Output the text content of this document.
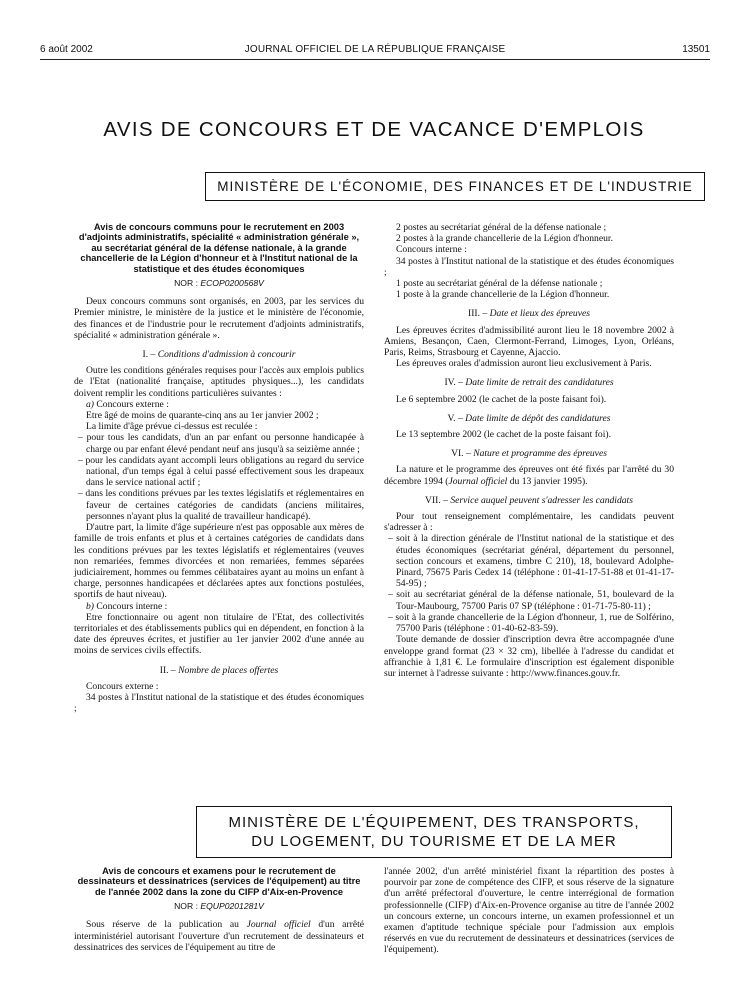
6 août 2002	JOURNAL OFFICIEL DE LA RÉPUBLIQUE FRANÇAISE	13501
AVIS DE CONCOURS ET DE VACANCE D'EMPLOIS
MINISTÈRE DE L'ÉCONOMIE, DES FINANCES ET DE L'INDUSTRIE

Avis de concours communs pour le recrutement en 2003 d'adjoints administratifs, spécialité « administration générale », au secrétariat général de la défense nationale, à la grande chancellerie de la Légion d'honneur et à l'Institut national de la statistique et des études économiques

NOR : ECOP0200568V

Deux concours communs sont organisés, en 2003, par les services du Premier ministre, le ministère de la justice et le ministère de l'économie, des finances et de l'industrie pour le recrutement d'adjoints administratifs, spécialité « administration générale ».

I. – Conditions d'admission à concourir

Outre les conditions générales requises pour l'accès aux emplois publics de l'Etat (nationalité française, aptitudes physiques...), les candidats doivent remplir les conditions particulières suivantes :

a) Concours externe :

Etre âgé de moins de quarante-cinq ans au 1er janvier 2002 ;

La limite d'âge prévue ci-dessus est reculée :

– pour tous les candidats, d'un an par enfant ou personne handicapée à charge ou par enfant élevé pendant neuf ans jusqu'à sa seizième année ;

– pour les candidats ayant accompli leurs obligations au regard du service national, d'un temps égal à celui passé effectivement sous les drapeaux dans le service national actif ;

– dans les conditions prévues par les textes législatifs et réglementaires en faveur de certaines catégories de candidats (anciens militaires, personnes n'ayant plus la qualité de travailleur handicapé).

D'autre part, la limite d'âge supérieure n'est pas opposable aux mères de famille de trois enfants et plus et à certaines catégories de candidats dans les conditions prévues par les textes législatifs et réglementaires (veuves non remariées, femmes divorcées et non remariées, femmes séparées judiciairement, hommes ou femmes célibataires ayant au moins un enfant à charge, personnes handicapées et déclarées aptes aux fonctions postulées, sportifs de haut niveau).

b) Concours interne :

Etre fonctionnaire ou agent non titulaire de l'Etat, des collectivités territoriales et des établissements publics qui en dépendent, en fonction à la date des épreuves écrites, et justifier au 1er janvier 2002 d'une année au moins de services civils effectifs.

II. – Nombre de places offertes

Concours externe :

34 postes à l'Institut national de la statistique et des études économiques ;

2 postes au secrétariat général de la défense nationale ;

2 postes à la grande chancellerie de la Légion d'honneur.

Concours interne :

34 postes à l'Institut national de la statistique et des études économiques ;

1 poste au secrétariat général de la défense nationale ;

1 poste à la grande chancellerie de la Légion d'honneur.

III. – Date et lieux des épreuves

Les épreuves écrites d'admissibilité auront lieu le 18 novembre 2002 à Amiens, Besançon, Caen, Clermont-Ferrand, Limoges, Lyon, Orléans, Paris, Reims, Strasbourg et Cayenne, Ajaccio.

Les épreuves orales d'admission auront lieu exclusivement à Paris.

IV. – Date limite de retrait des candidatures

Le 6 septembre 2002 (le cachet de la poste faisant foi).

V. – Date limite de dépôt des candidatures

Le 13 septembre 2002 (le cachet de la poste faisant foi).

VI. – Nature et programme des épreuves

La nature et le programme des épreuves ont été fixés par l'arrêté du 30 décembre 1994 (Journal officiel du 13 janvier 1995).

VII. – Service auquel peuvent s'adresser les candidats

Pour tout renseignement complémentaire, les candidats peuvent s'adresser à :

– soit à la direction générale de l'Institut national de la statistique et des études économiques (secrétariat général, département du personnel, section concours et examens, timbre C 210), 18, boulevard Adolphe-Pinard, 75675 Paris Cedex 14 (téléphone : 01-41-17-51-88 et 01-41-17-54-95) ;

– soit au secrétariat général de la défense nationale, 51, boulevard de la Tour-Maubourg, 75700 Paris 07 SP (téléphone : 01-71-75-80-11) ;

– soit à la grande chancellerie de la Légion d'honneur, 1, rue de Solférino, 75700 Paris (téléphone : 01-40-62-83-59).

Toute demande de dossier d'inscription devra être accompagnée d'une enveloppe grand format (23 × 32 cm), libellée à l'adresse du candidat et affranchie à 1,81 €. Le formulaire d'inscription est également disponible sur internet à l'adresse suivante : http://www.finances.gouv.fr.

MINISTÈRE DE L'ÉQUIPEMENT, DES TRANSPORTS,
DU LOGEMENT, DU TOURISME ET DE LA MER

Avis de concours et examens pour le recrutement de dessinateurs et dessinatrices (services de l'équipement) au titre de l'année 2002 dans la zone du CIFP d'Aix-en-Provence

NOR : EQUP0201281V

Sous réserve de la publication au Journal officiel d'un arrêté interministériel autorisant l'ouverture d'un recrutement de dessinateurs et dessinatrices des services de l'équipement au titre de

l'année 2002, d'un arrêté ministériel fixant la répartition des postes à pourvoir par zone de compétence des CIFP, et sous réserve de la signature d'un arrêté préfectoral d'ouverture, le centre interrégional de formation professionnelle (CIFP) d'Aix-en-Provence organise au titre de l'année 2002 un concours externe, un concours interne, un examen professionnel et un examen d'aptitude technique spéciale pour l'admission aux emplois réservés en vue du recrutement de dessinateurs et dessinatrices (services de l'équipement).
